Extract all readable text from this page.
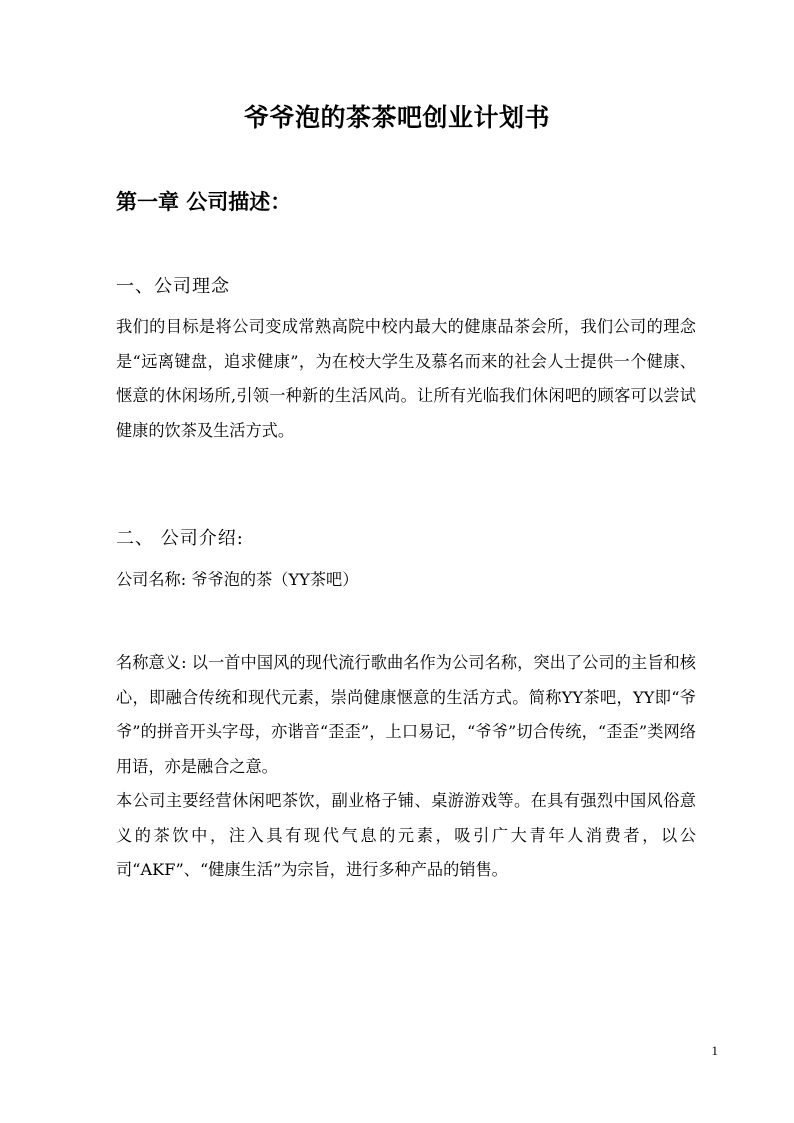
爷爷泡的茶茶吧创业计划书
第一章 公司描述：
一、公司理念
我们的目标是将公司变成常熟高院中校内最大的健康品茶会所，我们公司的理念是“远离键盘，追求健康”，为在校大学生及慕名而来的社会人士提供一个健康、惬意的休闲场所,引领一种新的生活风尚。让所有光临我们休闲吧的顾客可以尝试健康的饮茶及生活方式。
二、 公司介绍:
公司名称: 爷爷泡的茶（YY茶吧）
名称意义: 以一首中国风的现代流行歌曲名作为公司名称，突出了公司的主旨和核心，即融合传统和现代元素，崇尚健康惬意的生活方式。简称YY茶吧，YY即“爷爷”的拼音开头字母，亦谐音“歪歪”，上口易记，“爷爷”切合传统，“歪歪”类网络用语，亦是融合之意。
本公司主要经营休闲吧茶饮，副业格子铺、桌游游戏等。在具有强烈中国风俗意义的茶饮中，注入具有现代气息的元素，吸引广大青年人消费者，以公司“AKF”、“健康生活”为宗旨，进行多种产品的销售。
1
